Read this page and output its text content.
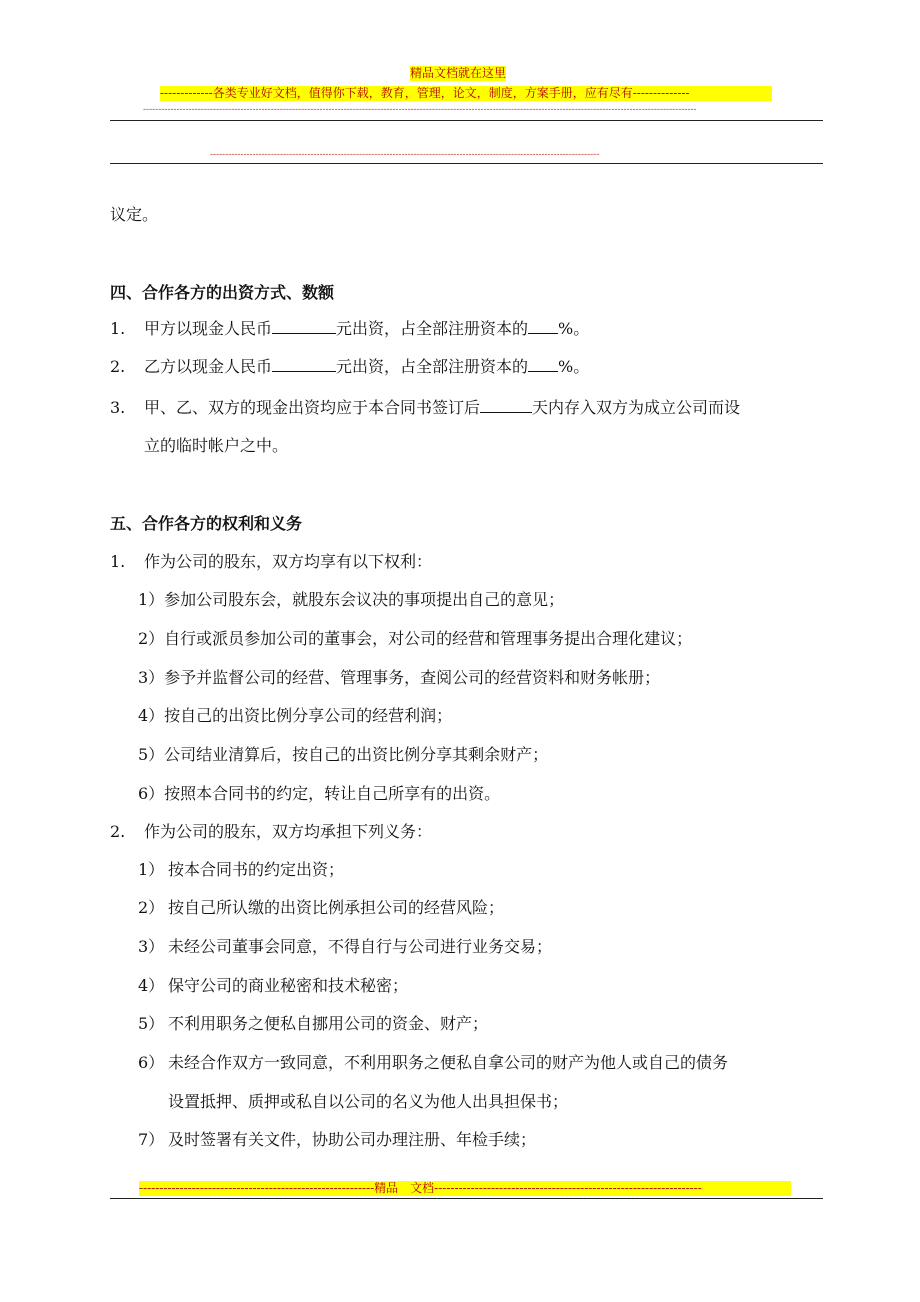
精品文档就在这里
-------------各类专业好文档，值得你下载，教育，管理，论文，制度，方案手册，应有尽有--------------
--------------------------------------------------------------------------------------------------------------------------------------------------------------------------------------
--------------------------------------------------------------------------------------------------------------------------------
议定。
四、合作各方的出资方式、数额
1. 甲方以现金人民币	元出资，占全部注册资本的 %。
2. 乙方以现金人民币	元出资，占全部注册资本的 %。
3. 甲、乙、双方的现金出资均应于本合同书签订后	天内存入双方为成立公司而设
立的临时帐户之中。
五、合作各方的权利和义务
1. 作为公司的股东，双方均享有以下权利：
1）参加公司股东会，就股东会议决的事项提出自己的意见；
2）自行或派员参加公司的董事会，对公司的经营和管理事务提出合理化建议；
3）参予并监督公司的经营、管理事务，查阅公司的经营资料和财务帐册；
4）按自己的出资比例分享公司的经营利润；
5）公司结业清算后，按自己的出资比例分享其剩余财产；
6）按照本合同书的约定，转让自己所享有的出资。
2. 作为公司的股东，双方均承担下列义务：
1） 按本合同书的约定出资；
2） 按自己所认缴的出资比例承担公司的经营风险；
3） 未经公司董事会同意，不得自行与公司进行业务交易；
4） 保守公司的商业秘密和技术秘密；
5） 不利用职务之便私自挪用公司的资金、财产；
6） 未经合作双方一致同意，不利用职务之便私自拿公司的财产为他人或自己的债务
设置抵押、质押或私自以公司的名义为他人出具担保书；
7） 及时签署有关文件，协助公司办理注册、年检手续；
----------------------------------------------------------精品　文档------------------------------------------------------------------
